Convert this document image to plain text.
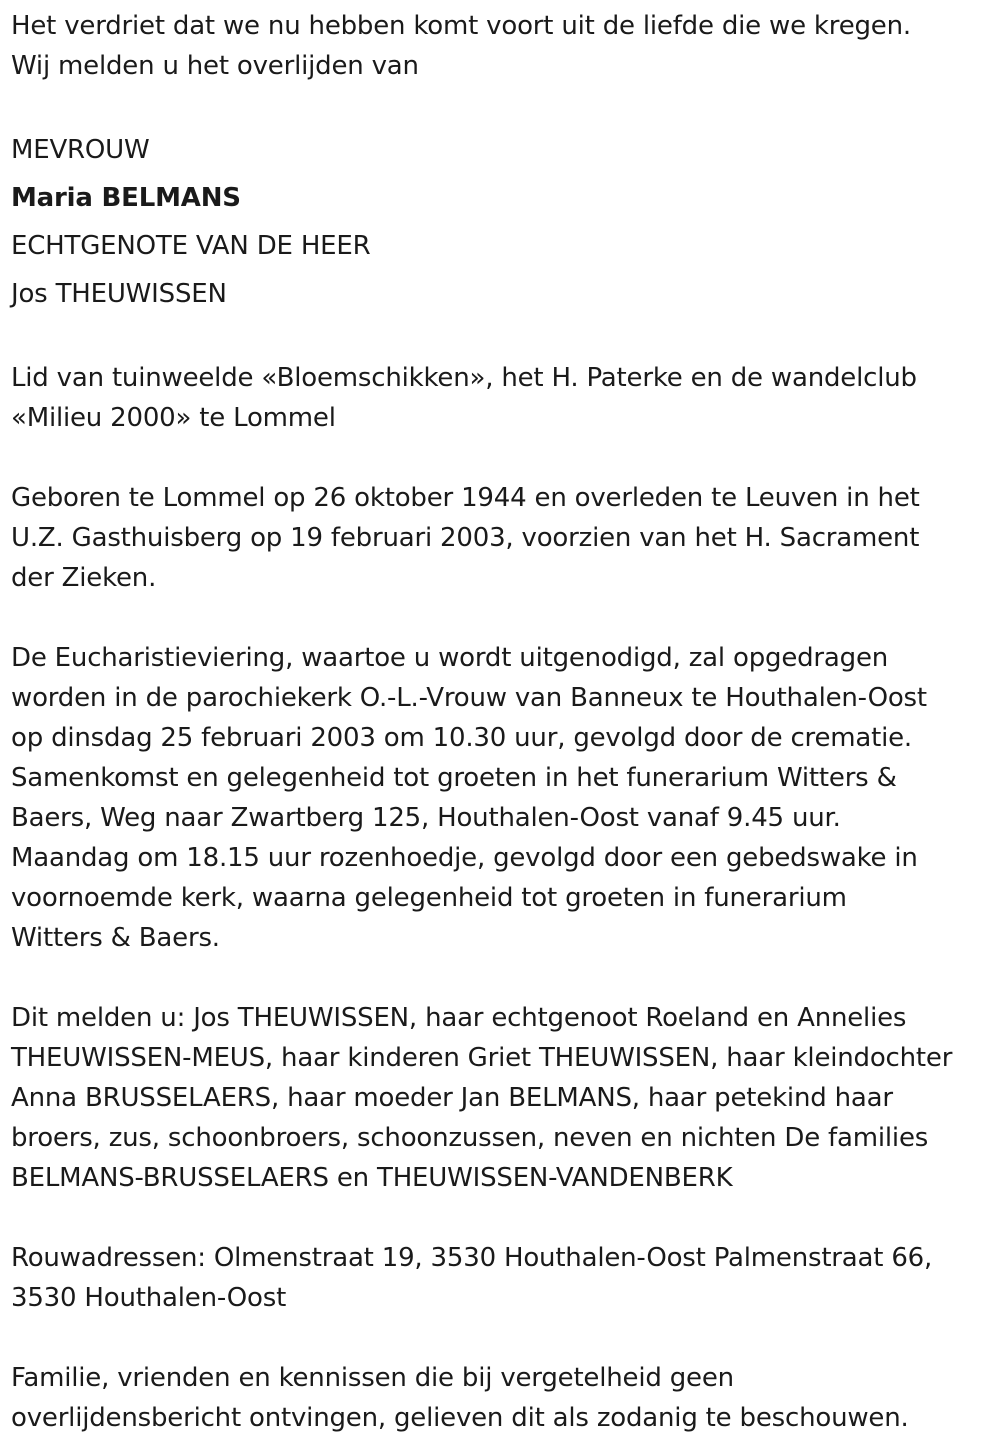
Het verdriet dat we nu hebben komt voort uit de liefde die we kregen.
Wij melden u het overlijden van

MEVROUW

Maria BELMANS

ECHTGENOTE VAN DE HEER

Jos THEUWISSEN

Lid van tuinweelde «Bloemschikken», het H. Paterke en de wandelclub
«Milieu 2000» te Lommel

Geboren te Lommel op 26 oktober 1944 en overleden te Leuven in het
U.Z. Gasthuisberg op 19 februari 2003, voorzien van het H. Sacrament
der Zieken.

De Eucharistieviering, waartoe u wordt uitgenodigd, zal opgedragen
worden in de parochiekerk O.-L.-Vrouw van Banneux te Houthalen-Oost
op dinsdag 25 februari 2003 om 10.30 uur, gevolgd door de crematie.
Samenkomst en gelegenheid tot groeten in het funerarium Witters &
Baers, Weg naar Zwartberg 125, Houthalen-Oost vanaf 9.45 uur.
Maandag om 18.15 uur rozenhoedje, gevolgd door een gebedswake in
voornoemde kerk, waarna gelegenheid tot groeten in funerarium
Witters & Baers.

Dit melden u: Jos THEUWISSEN, haar echtgenoot Roeland en Annelies
THEUWISSEN-MEUS, haar kinderen Griet THEUWISSEN, haar kleindochter
Anna BRUSSELAERS, haar moeder Jan BELMANS, haar petekind haar
broers, zus, schoonbroers, schoonzussen, neven en nichten De families
BELMANS-BRUSSELAERS en THEUWISSEN-VANDENBERK

Rouwadressen: Olmenstraat 19, 3530 Houthalen-Oost Palmenstraat 66,
3530 Houthalen-Oost

Familie, vrienden en kennissen die bij vergetelheid geen
overlijdensbericht ontvingen, gelieven dit als zodanig te beschouwen.
